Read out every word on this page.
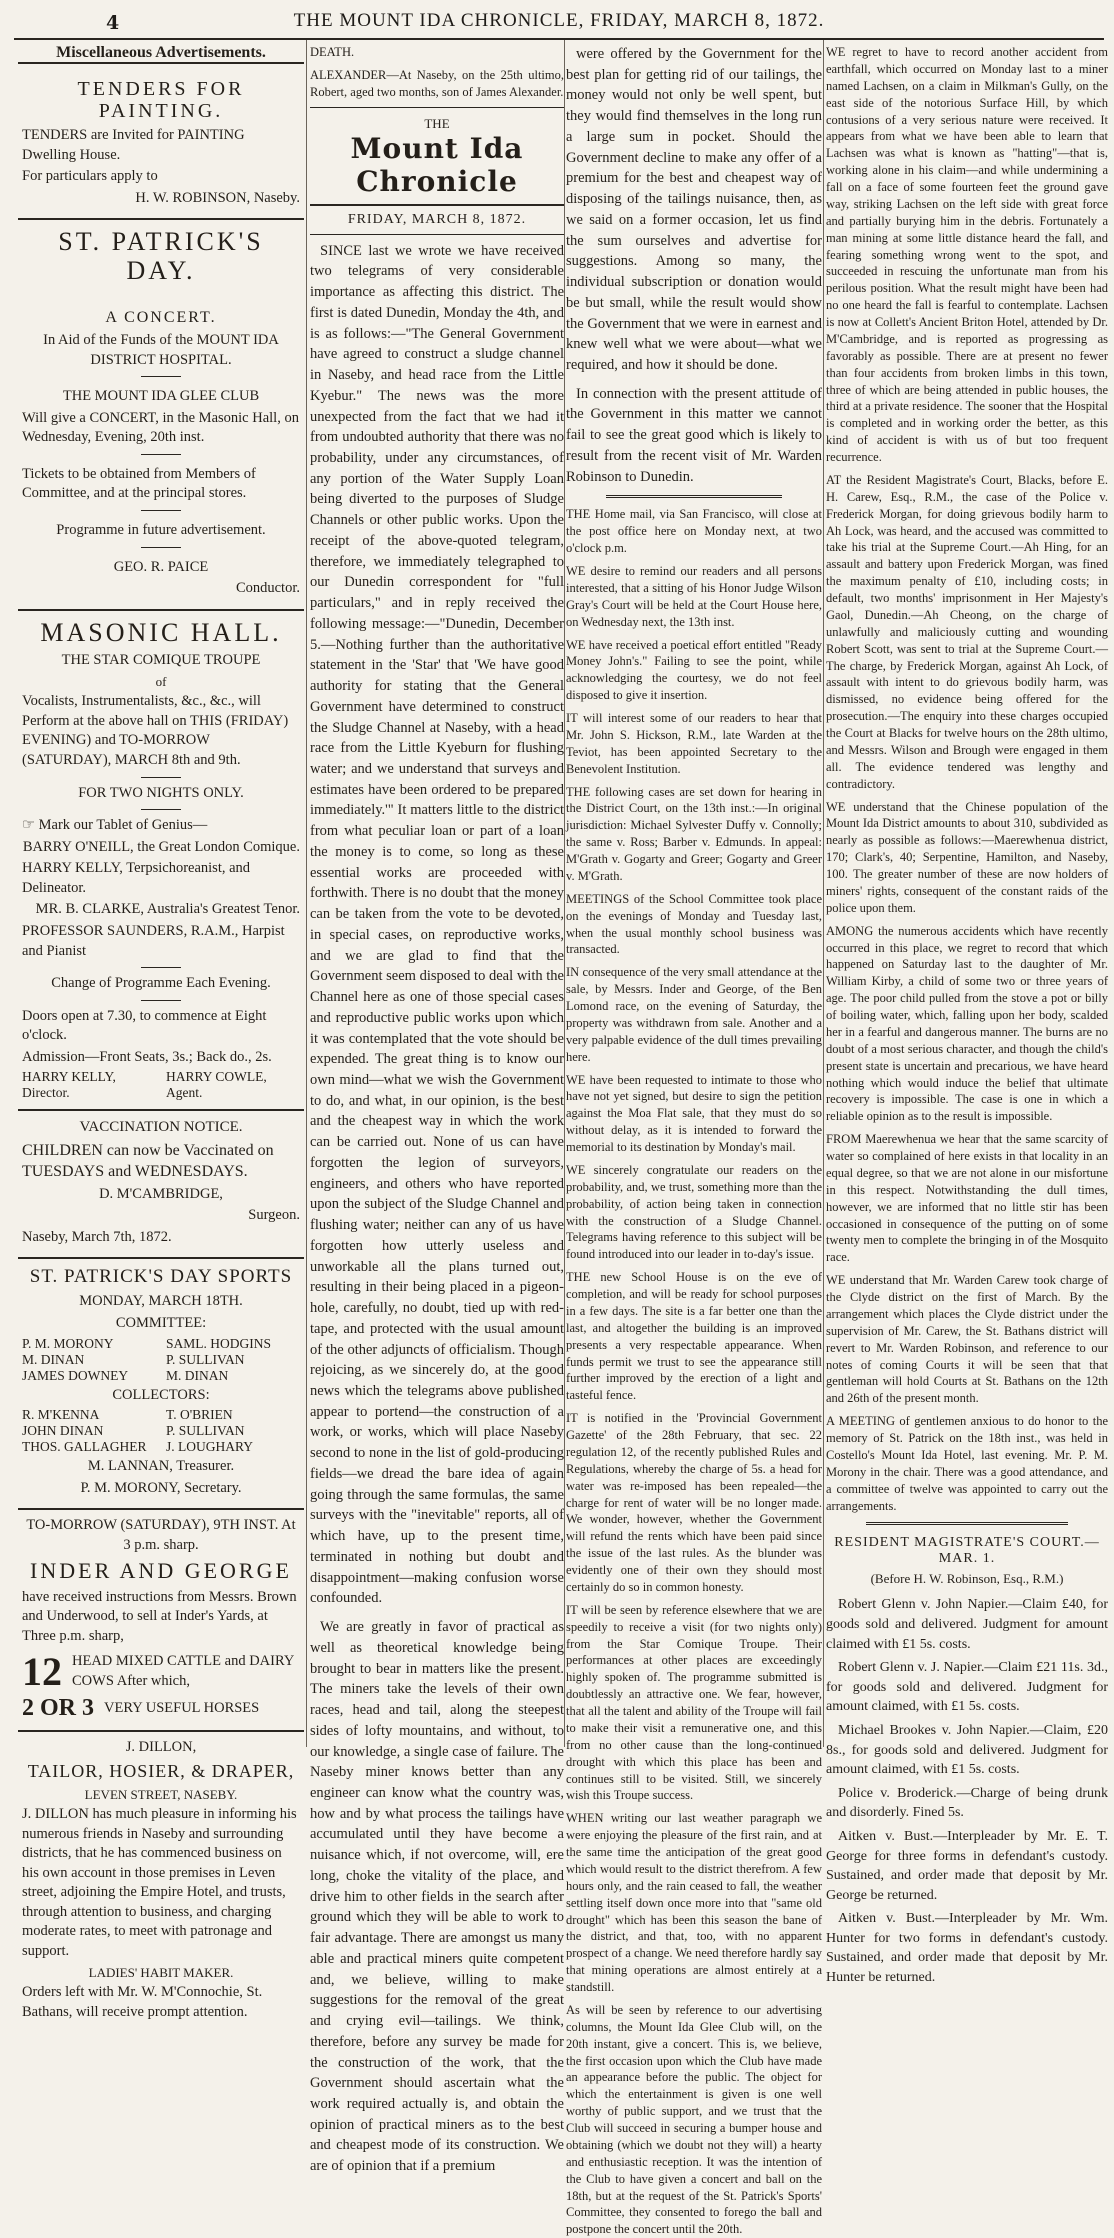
4	THE MOUNT IDA CHRONICLE, FRIDAY, MARCH 8, 1872.
Miscellaneous Advertisements.
TENDERS FOR PAINTING.

TENDERS are Invited for PAINTING Dwelling House.

For particulars apply to

H. W. ROBINSON, Naseby.

ST. PATRICK'S DAY.

A CONCERT.

In Aid of the Funds of the MOUNT IDA DISTRICT HOSPITAL.

THE MOUNT IDA GLEE CLUB

Will give a CONCERT, in the Masonic Hall, on Wednesday, Evening, 20th inst.

Tickets to be obtained from Members of Committee, and at the principal stores.

Programme in future advertisement.

GEO. R. PAICE

Conductor.

MASONIC HALL.

THE STAR COMIQUE TROUPE

of

Vocalists, Instrumentalists, &c., &c., will Perform at the above hall on THIS (FRIDAY) EVENING) and TO-MORROW (SATURDAY), MARCH 8th and 9th.

FOR TWO NIGHTS ONLY.

☞ Mark our Tablet of Genius—

BARRY O'NEILL, the Great London Comique.

HARRY KELLY, Terpsichoreanist, and Delineator.

MR. B. CLARKE, Australia's Greatest Tenor.

PROFESSOR SAUNDERS, R.A.M., Harpist and Pianist

Change of Programme Each Evening.

Doors open at 7.30, to commence at Eight o'clock.

Admission—Front Seats, 3s.; Back do., 2s.

HARRY KELLY, Director.
HARRY COWLE, Agent.

VACCINATION NOTICE.

CHILDREN can now be Vaccinated on TUESDAYS and WEDNESDAYS.

D. M'CAMBRIDGE,

Surgeon.

Naseby, March 7th, 1872.

ST. PATRICK'S DAY SPORTS

MONDAY, MARCH 18TH.

COMMITTEE:

P. M. MORONY	SAML. HODGINS
M. DINAN	P. SULLIVAN
JAMES DOWNEY	M. DINAN

COLLECTORS:

R. M'KENNA	T. O'BRIEN
JOHN DINAN	P. SULLIVAN
THOS. GALLAGHER	J. LOUGHARY

M. LANNAN, Treasurer.

P. M. MORONY, Secretary.

TO-MORROW (SATURDAY), 9TH INST. At 3 p.m. sharp.

INDER AND GEORGE

have received instructions from Messrs. Brown and Underwood, to sell at Inder's Yards, at Three p.m. sharp,

12 HEAD MIXED CATTLE and DAIRY COWS After which,

2 OR 3 VERY USEFUL HORSES

J. DILLON,

TAILOR, HOSIER, & DRAPER,

LEVEN STREET, NASEBY.

J. DILLON has much pleasure in informing his numerous friends in Naseby and surrounding districts, that he has commenced business on his own account in those premises in Leven street, adjoining the Empire Hotel, and trusts, through attention to business, and charging moderate rates, to meet with patronage and support.

LADIES' HABIT MAKER.

Orders left with Mr. W. M'Connochie, St. Bathans, will receive prompt attention.

DEATH.

ALEXANDER—At Naseby, on the 25th ultimo, Robert, aged two months, son of James Alexander.

THE
Mount Ida Chronicle
FRIDAY, MARCH 8, 1872.

SINCE last we wrote we have received two telegrams of very considerable importance as affecting this district. The first is dated Dunedin, Monday the 4th, and is as follows:—"The General Government have agreed to construct a sludge channel in Naseby, and head race from the Little Kyebur." The news was the more unexpected from the fact that we had it from undoubted authority that there was no probability, under any circumstances, of any portion of the Water Supply Loan being diverted to the purposes of Sludge Channels or other public works. Upon the receipt of the above-quoted telegram, therefore, we immediately telegraphed to our Dunedin correspondent for "full particulars," and in reply received the following message:—"Dunedin, December 5.—Nothing further than the authoritative statement in the 'Star' that 'We have good authority for stating that the General Government have determined to construct the Sludge Channel at Naseby, with a head race from the Little Kyeburn for flushing water; and we understand that surveys and estimates have been ordered to be prepared immediately.'" It matters little to the district from what peculiar loan or part of a loan the money is to come, so long as these essential works are proceeded with forthwith. There is no doubt that the money can be taken from the vote to be devoted, in special cases, on reproductive works, and we are glad to find that the Government seem disposed to deal with the Channel here as one of those special cases and reproductive public works upon which it was contemplated that the vote should be expended. The great thing is to know our own mind—what we wish the Government to do, and what, in our opinion, is the best and the cheapest way in which the work can be carried out. None of us can have forgotten the legion of surveyors, engineers, and others who have reported upon the subject of the Sludge Channel and flushing water; neither can any of us have forgotten how utterly useless and unworkable all the plans turned out, resulting in their being placed in a pigeon-hole, carefully, no doubt, tied up with red-tape, and protected with the usual amount of the other adjuncts of officialism. Though rejoicing, as we sincerely do, at the good news which the telegrams above published appear to portend—the construction of a work, or works, which will place Naseby second to none in the list of gold-producing fields—we dread the bare idea of again going through the same formulas, the same surveys with the "inevitable" reports, all of which have, up to the present time, terminated in nothing but doubt and disappointment—making confusion worse confounded.

We are greatly in favor of practical as well as theoretical knowledge being brought to bear in matters like the present. The miners take the levels of their own races, head and tail, along the steepest sides of lofty mountains, and without, to our knowledge, a single case of failure. The Naseby miner knows better than any engineer can know what the country was, how and by what process the tailings have accumulated until they have become a nuisance which, if not overcome, will, ere long, choke the vitality of the place, and drive him to other fields in the search after ground which they will be able to work to fair advantage. There are amongst us many able and practical miners quite competent and, we believe, willing to make suggestions for the removal of the great and crying evil—tailings. We think, therefore, before any survey be made for the construction of the work, that the Government should ascertain what the work required actually is, and obtain the opinion of practical miners as to the best and cheapest mode of its construction. We are of opinion that if a premium

were offered by the Government for the best plan for getting rid of our tailings, the money would not only be well spent, but they would find themselves in the long run a large sum in pocket. Should the Government decline to make any offer of a premium for the best and cheapest way of disposing of the tailings nuisance, then, as we said on a former occasion, let us find the sum ourselves and advertise for suggestions. Among so many, the individual subscription or donation would be but small, while the result would show the Government that we were in earnest and knew well what we were about—what we required, and how it should be done.

In connection with the present attitude of the Government in this matter we cannot fail to see the great good which is likely to result from the recent visit of Mr. Warden Robinson to Dunedin.

THE Home mail, via San Francisco, will close at the post office here on Monday next, at two o'clock p.m.

WE desire to remind our readers and all persons interested, that a sitting of his Honor Judge Wilson Gray's Court will be held at the Court House here, on Wednesday next, the 13th inst.

WE have received a poetical effort entitled "Ready Money John's." Failing to see the point, while acknowledging the courtesy, we do not feel disposed to give it insertion.

IT will interest some of our readers to hear that Mr. John S. Hickson, R.M., late Warden at the Teviot, has been appointed Secretary to the Benevolent Institution.

THE following cases are set down for hearing in the District Court, on the 13th inst.:—In original jurisdiction: Michael Sylvester Duffy v. Connolly; the same v. Ross; Barber v. Edmunds. In appeal: M'Grath v. Gogarty and Greer; Gogarty and Greer v. M'Grath.

MEETINGS of the School Committee took place on the evenings of Monday and Tuesday last, when the usual monthly school business was transacted.

IN consequence of the very small attendance at the sale, by Messrs. Inder and George, of the Ben Lomond race, on the evening of Saturday, the property was withdrawn from sale. Another and a very palpable evidence of the dull times prevailing here.

WE have been requested to intimate to those who have not yet signed, but desire to sign the petition against the Moa Flat sale, that they must do so without delay, as it is intended to forward the memorial to its destination by Monday's mail.

WE sincerely congratulate our readers on the probability, and, we trust, something more than the probability, of action being taken in connection with the construction of a Sludge Channel. Telegrams having reference to this subject will be found introduced into our leader in to-day's issue.

THE new School House is on the eve of completion, and will be ready for school purposes in a few days. The site is a far better one than the last, and altogether the building is an improved presents a very respectable appearance. When funds permit we trust to see the appearance still further improved by the erection of a light and tasteful fence.

IT is notified in the 'Provincial Government Gazette' of the 28th February, that sec. 22 regulation 12, of the recently published Rules and Regulations, whereby the charge of 5s. a head for water was re-imposed has been repealed—the charge for rent of water will be no longer made. We wonder, however, whether the Government will refund the rents which have been paid since the issue of the last rules. As the blunder was evidently one of their own they should most certainly do so in common honesty.

IT will be seen by reference elsewhere that we are speedily to receive a visit (for two nights only) from the Star Comique Troupe. Their performances at other places are exceedingly highly spoken of. The programme submitted is doubtlessly an attractive one. We fear, however, that all the talent and ability of the Troupe will fail to make their visit a remunerative one, and this from no other cause than the long-continued drought with which this place has been and continues still to be visited. Still, we sincerely wish this Troupe success.

WHEN writing our last weather paragraph we were enjoying the pleasure of the first rain, and at the same time the anticipation of the great good which would result to the district therefrom. A few hours only, and the rain ceased to fall, the weather settling itself down once more into that "same old drought" which has been this season the bane of the district, and that, too, with no apparent prospect of a change. We need therefore hardly say that mining operations are almost entirely at a standstill.

As will be seen by reference to our advertising columns, the Mount Ida Glee Club will, on the 20th instant, give a concert. This is, we believe, the first occasion upon which the Club have made an appearance before the public. The object for which the entertainment is given is one well worthy of public support, and we trust that the Club will succeed in securing a bumper house and obtaining (which we doubt not they will) a hearty and enthusiastic reception. It was the intention of the Club to have given a concert and ball on the 18th, but at the request of the St. Patrick's Sports' Committee, they consented to forego the ball and postpone the concert until the 20th.

WE regret to have to record another accident from earthfall, which occurred on Monday last to a miner named Lachsen, on a claim in Milkman's Gully, on the east side of the notorious Surface Hill, by which contusions of a very serious nature were received. It appears from what we have been able to learn that Lachsen was what is known as "hatting"—that is, working alone in his claim—and while undermining a fall on a face of some fourteen feet the ground gave way, striking Lachsen on the left side with great force and partially burying him in the debris. Fortunately a man mining at some little distance heard the fall, and fearing something wrong went to the spot, and succeeded in rescuing the unfortunate man from his perilous position. What the result might have been had no one heard the fall is fearful to contemplate. Lachsen is now at Collett's Ancient Briton Hotel, attended by Dr. M'Cambridge, and is reported as progressing as favorably as possible. There are at present no fewer than four accidents from broken limbs in this town, three of which are being attended in public houses, the third at a private residence. The sooner that the Hospital is completed and in working order the better, as this kind of accident is with us of but too frequent recurrence.

AT the Resident Magistrate's Court, Blacks, before E. H. Carew, Esq., R.M., the case of the Police v. Frederick Morgan, for doing grievous bodily harm to Ah Lock, was heard, and the accused was committed to take his trial at the Supreme Court.—Ah Hing, for an assault and battery upon Frederick Morgan, was fined the maximum penalty of £10, including costs; in default, two months' imprisonment in Her Majesty's Gaol, Dunedin.—Ah Cheong, on the charge of unlawfully and maliciously cutting and wounding Robert Scott, was sent to trial at the Supreme Court.—The charge, by Frederick Morgan, against Ah Lock, of assault with intent to do grievous bodily harm, was dismissed, no evidence being offered for the prosecution.—The enquiry into these charges occupied the Court at Blacks for twelve hours on the 28th ultimo, and Messrs. Wilson and Brough were engaged in them all. The evidence tendered was lengthy and contradictory.

WE understand that the Chinese population of the Mount Ida District amounts to about 310, subdivided as nearly as possible as follows:—Maerewhenua district, 170; Clark's, 40; Serpentine, Hamilton, and Naseby, 100. The greater number of these are now holders of miners' rights, consequent of the constant raids of the police upon them.

AMONG the numerous accidents which have recently occurred in this place, we regret to record that which happened on Saturday last to the daughter of Mr. William Kirby, a child of some two or three years of age. The poor child pulled from the stove a pot or billy of boiling water, which, falling upon her body, scalded her in a fearful and dangerous manner. The burns are no doubt of a most serious character, and though the child's present state is uncertain and precarious, we have heard nothing which would induce the belief that ultimate recovery is impossible. The case is one in which a reliable opinion as to the result is impossible.

FROM Maerewhenua we hear that the same scarcity of water so complained of here exists in that locality in an equal degree, so that we are not alone in our misfortune in this respect. Notwithstanding the dull times, however, we are informed that no little stir has been occasioned in consequence of the putting on of some twenty men to complete the bringing in of the Mosquito race.

WE understand that Mr. Warden Carew took charge of the Clyde district on the first of March. By the arrangement which places the Clyde district under the supervision of Mr. Carew, the St. Bathans district will revert to Mr. Warden Robinson, and reference to our notes of coming Courts it will be seen that that gentleman will hold Courts at St. Bathans on the 12th and 26th of the present month.

A MEETING of gentlemen anxious to do honor to the memory of St. Patrick on the 18th inst., was held in Costello's Mount Ida Hotel, last evening. Mr. P. M. Morony in the chair. There was a good attendance, and a committee of twelve was appointed to carry out the arrangements.

RESIDENT MAGISTRATE'S COURT.—MAR. 1.
(Before H. W. Robinson, Esq., R.M.)

Robert Glenn v. John Napier.—Claim £40, for goods sold and delivered. Judgment for amount claimed with £1 5s. costs.

Robert Glenn v. J. Napier.—Claim £21 11s. 3d., for goods sold and delivered. Judgment for amount claimed, with £1 5s. costs.

Michael Brookes v. John Napier.—Claim, £20 8s., for goods sold and delivered. Judgment for amount claimed, with £1 5s. costs.

Police v. Broderick.—Charge of being drunk and disorderly. Fined 5s.

Aitken v. Bust.—Interpleader by Mr. E. T. George for three forms in defendant's custody. Sustained, and order made that deposit by Mr. George be returned.

Aitken v. Bust.—Interpleader by Mr. Wm. Hunter for two forms in defendant's custody. Sustained, and order made that deposit by Mr. Hunter be returned.
